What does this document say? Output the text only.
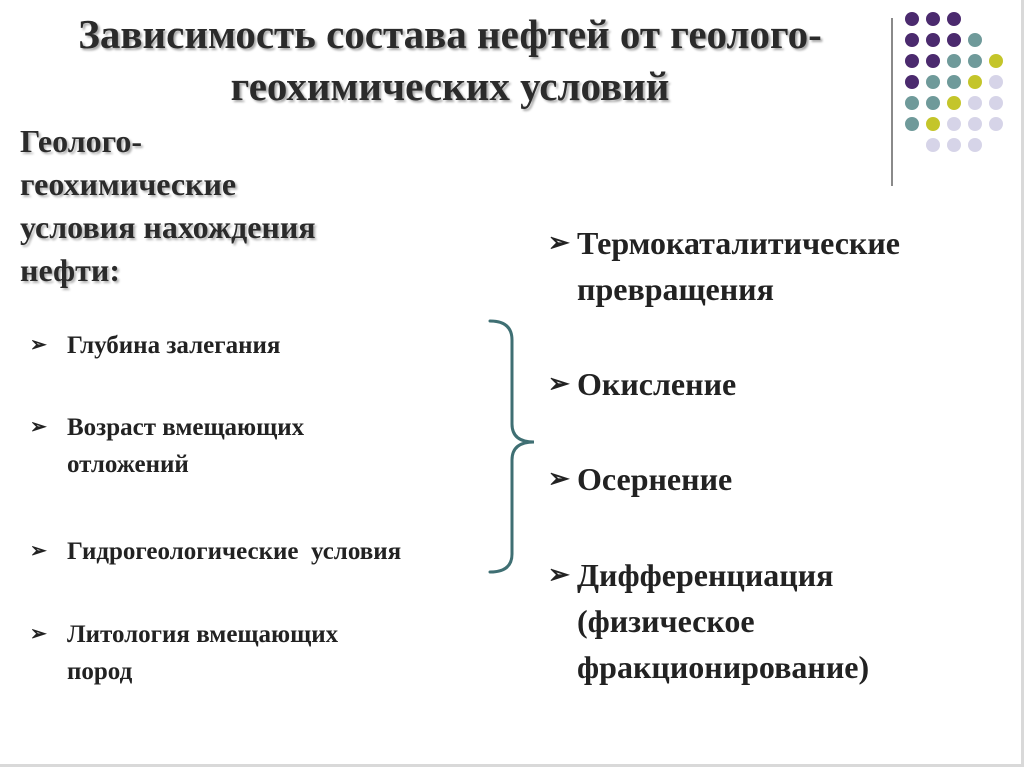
Зависимость состава нефтей от геолого-
геохимических условий
Геолого-
геохимические
условия нахождения
нефти:
➢ Глубина залегания
➢ Возраст вмещающих
отложений
➢ Гидрогеологические  условия
➢ Литология вмещающих
пород
➢ Термокаталитические
превращения
➢ Окисление
➢ Осернение
➢ Дифференциация
(физическое
фракционирование)
